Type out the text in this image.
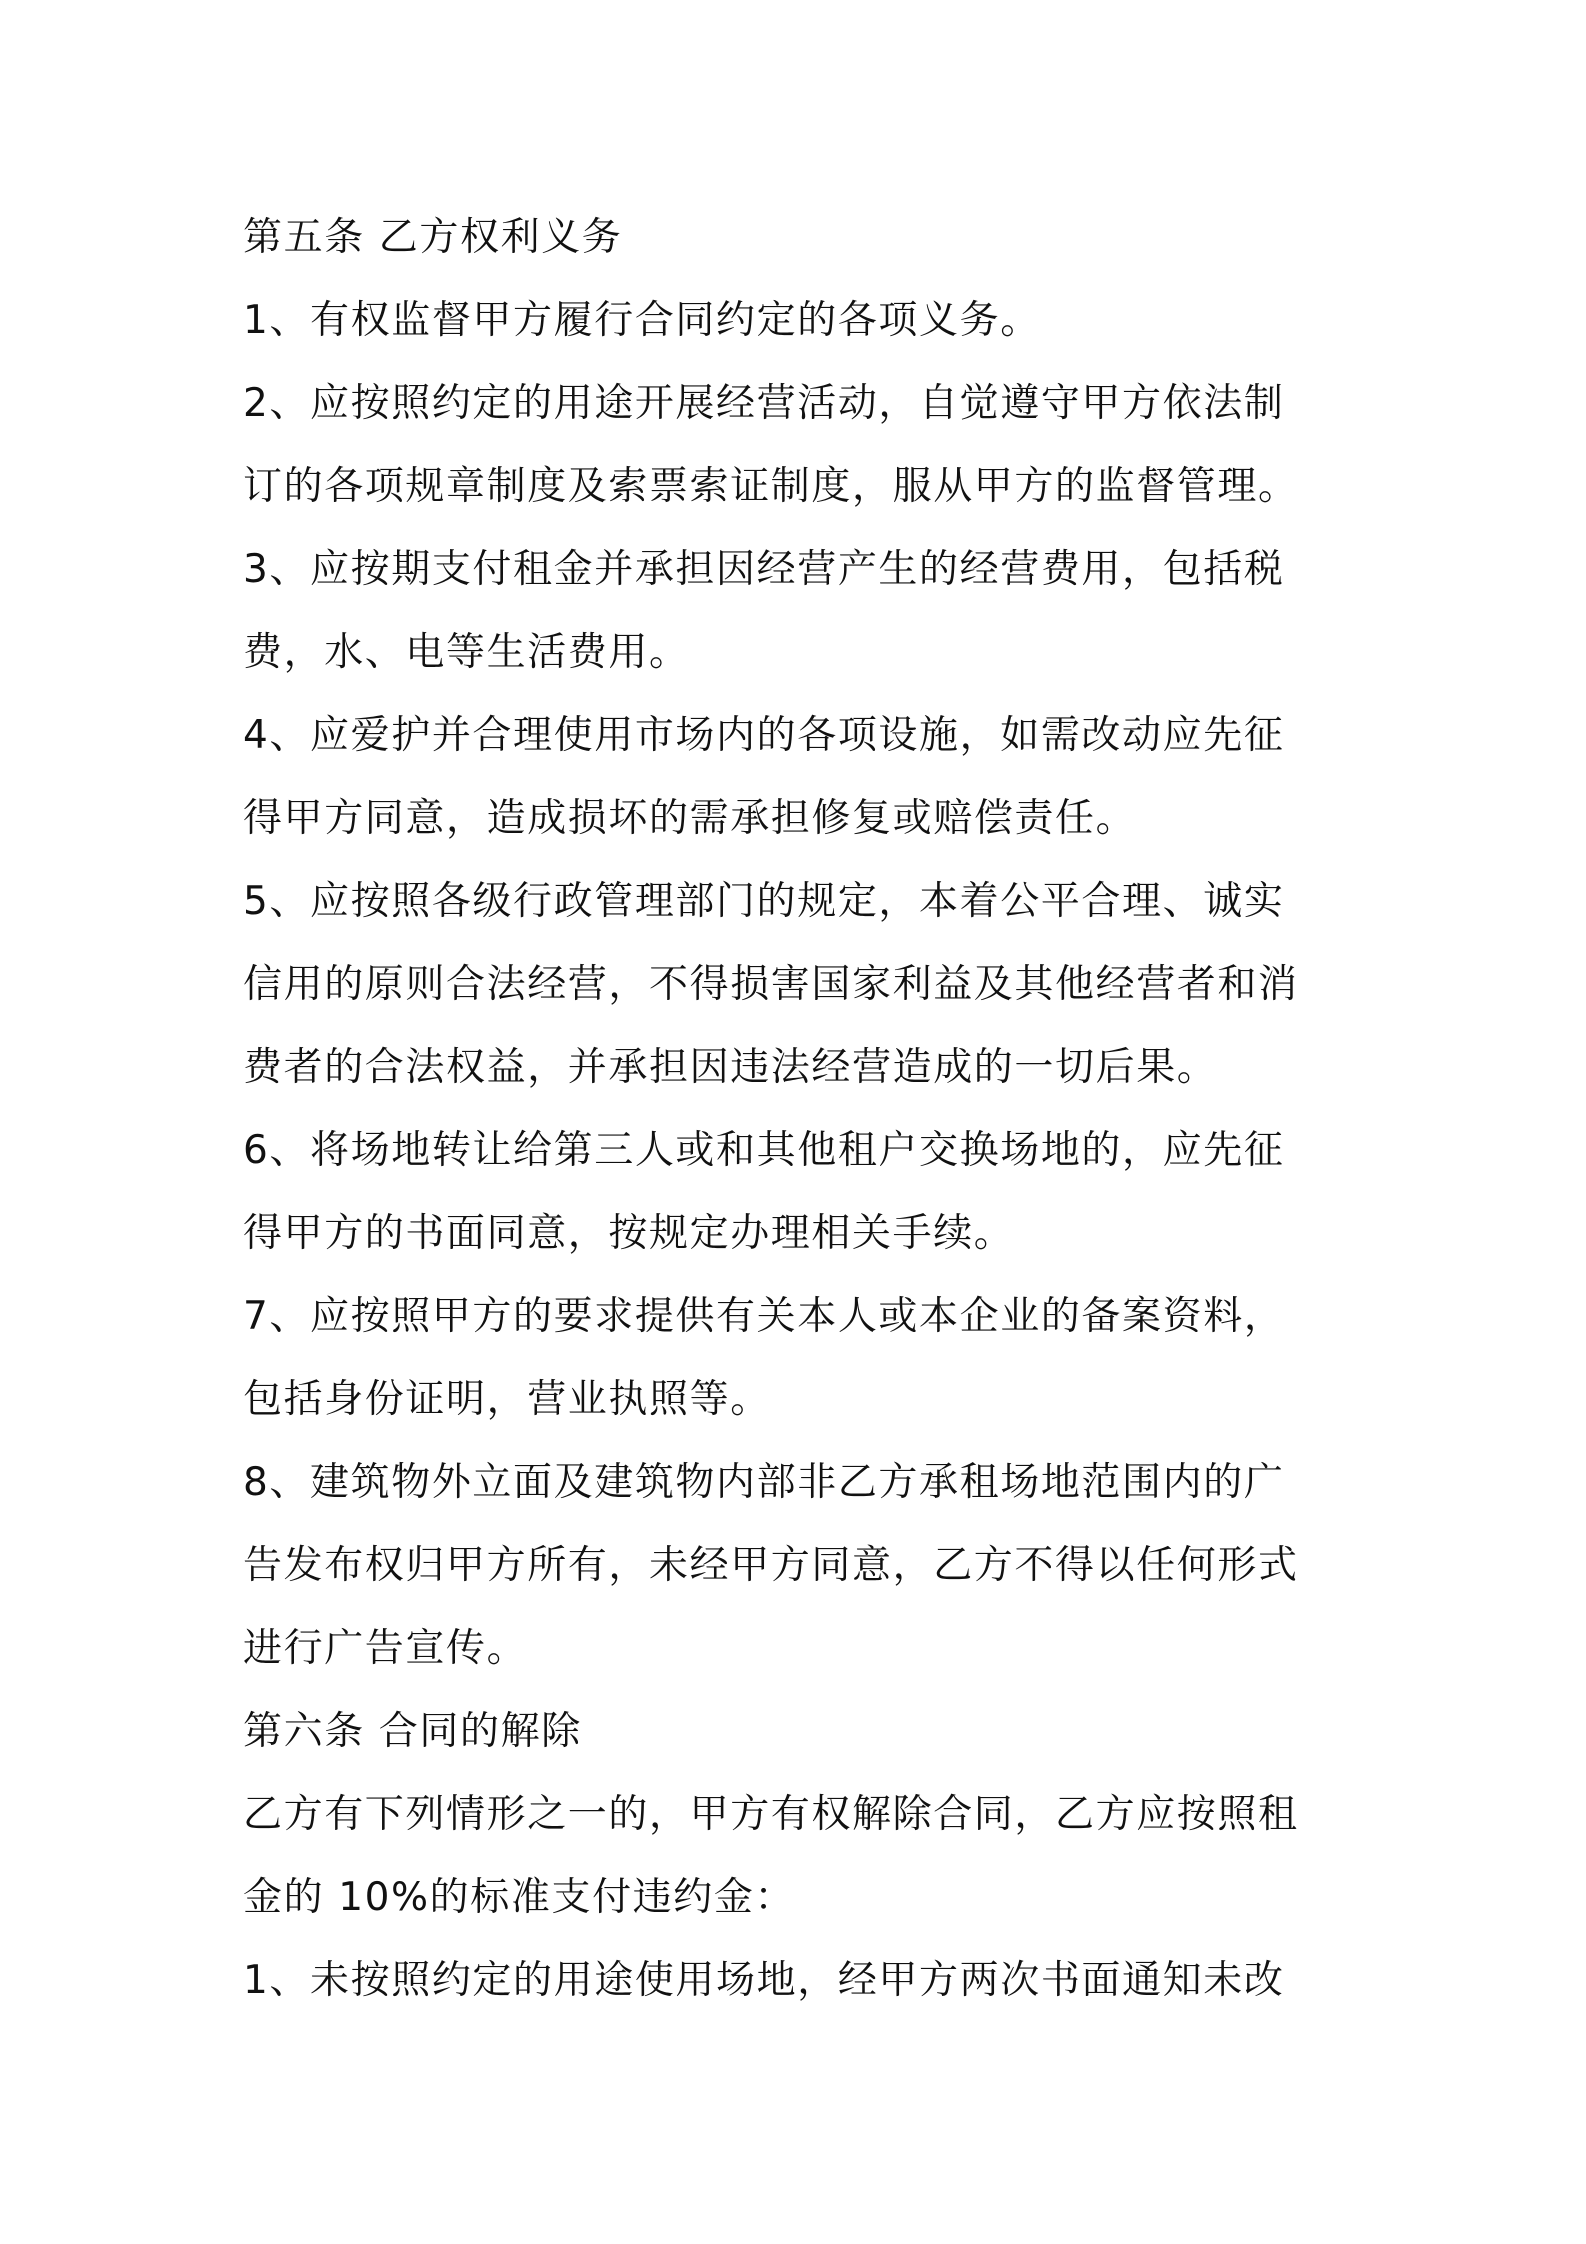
第五条 乙方权利义务
1、有权监督甲方履行合同约定的各项义务。
2、应按照约定的用途开展经营活动，自觉遵守甲方依法制
订的各项规章制度及索票索证制度，服从甲方的监督管理。
3、应按期支付租金并承担因经营产生的经营费用，包括税
费，水、电等生活费用。
4、应爱护并合理使用市场内的各项设施，如需改动应先征
得甲方同意，造成损坏的需承担修复或赔偿责任。
5、应按照各级行政管理部门的规定，本着公平合理、诚实
信用的原则合法经营，不得损害国家利益及其他经营者和消
费者的合法权益，并承担因违法经营造成的一切后果。
6、将场地转让给第三人或和其他租户交换场地的，应先征
得甲方的书面同意，按规定办理相关手续。
7、应按照甲方的要求提供有关本人或本企业的备案资料，
包括身份证明，营业执照等。
8、建筑物外立面及建筑物内部非乙方承租场地范围内的广
告发布权归甲方所有，未经甲方同意，乙方不得以任何形式
进行广告宣传。
第六条 合同的解除
乙方有下列情形之一的，甲方有权解除合同，乙方应按照租
金的 10%的标准支付违约金：
1、未按照约定的用途使用场地，经甲方两次书面通知未改
